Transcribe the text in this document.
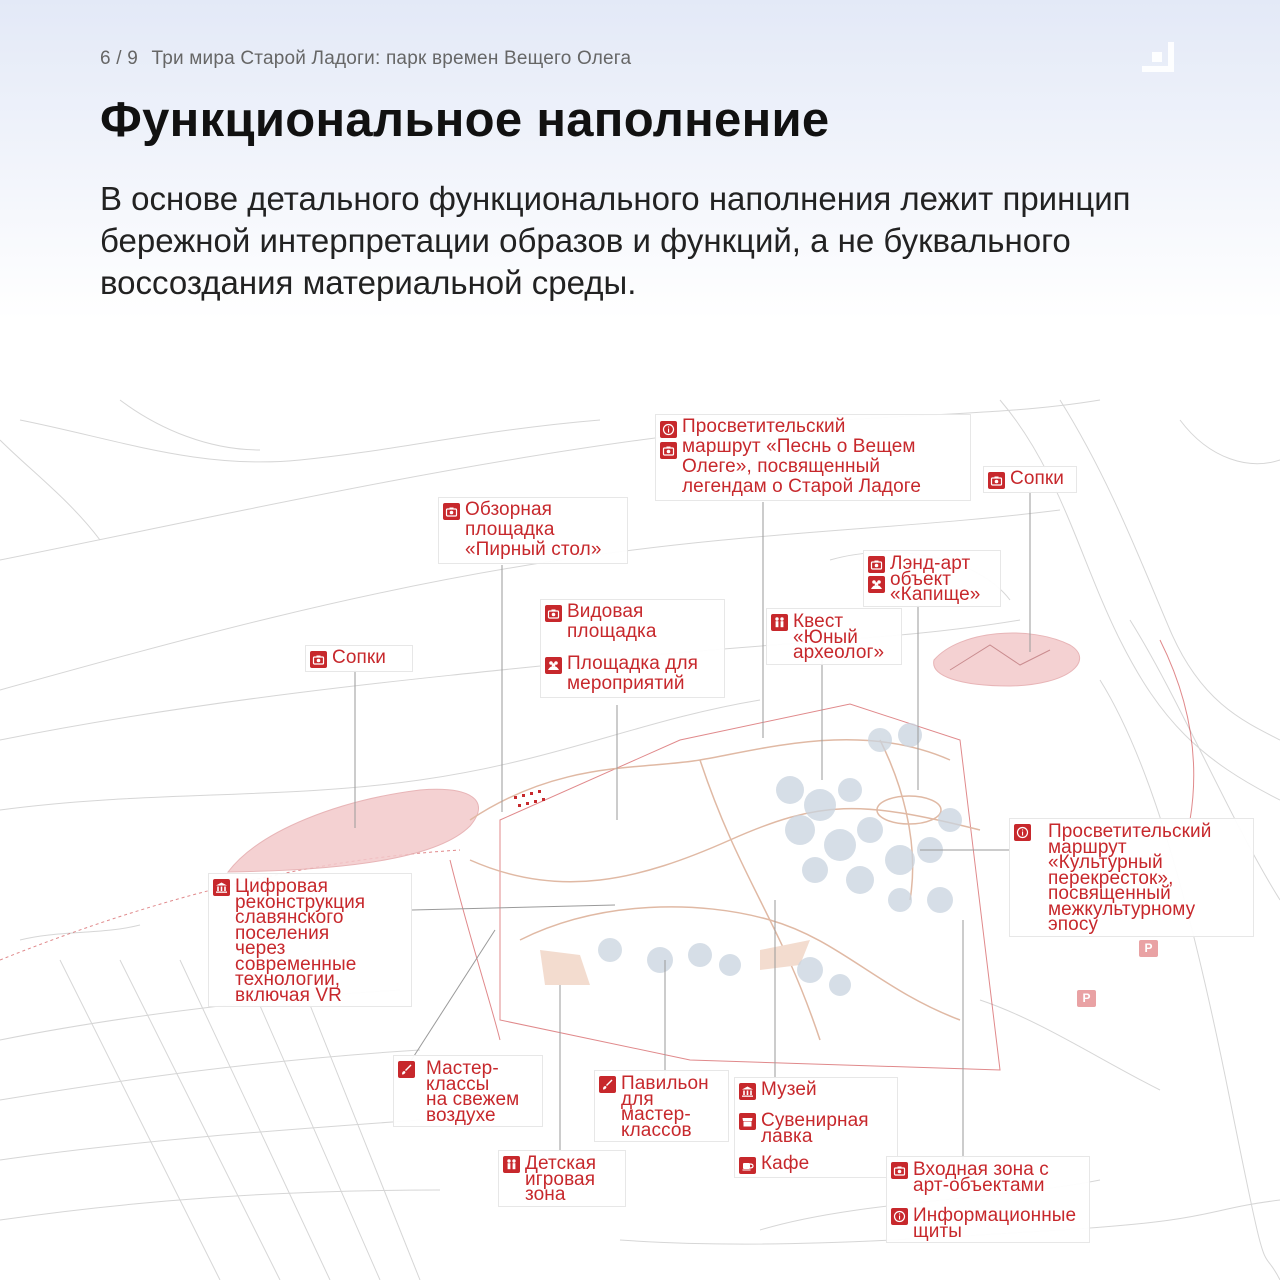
6 / 9 Три мира Старой Ладоги: парк времен Вещего Олега
Функциональное наполнение

В основе детального функционального наполнения лежит принцип бережной интерпретации образов и функций, а не буквального воссоздания материальной среды.

P
P
Просветительский
маршрут «Песнь о Вещем
Олеге», посвященный
легендам о Старой Ладоге	Сопки
Обзорная
площадка
«Пирный стол»
Лэнд-арт
объект
«Капище»
Видовая
площадка
Площадка для
мероприятий
Квест
«Юный
археолог»
Сопки
Просветительский
маршрут
«Культурный
перекресток»,
посвященный
межкультурному
эпосу
Цифровая
реконструкция
славянского
поселения
через
современные
технологии,
включая VR
Мастер-
классы
на свежем
воздухе
Павильон
для
мастер-
классов
Музей
Сувенирная
лавка
Кафе
Детская
игровая
зона
Входная зона с
арт-объектами
Информационные
щиты
